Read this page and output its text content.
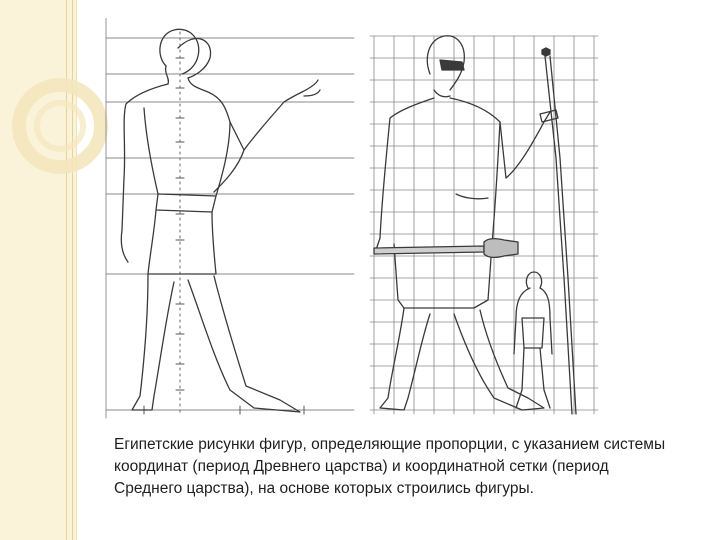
Египетские рисунки фигур, определяющие пропорции, с указанием системы координат (период Древнего царства) и координатной сетки (период Среднего царства), на основе которых строились фигуры.
